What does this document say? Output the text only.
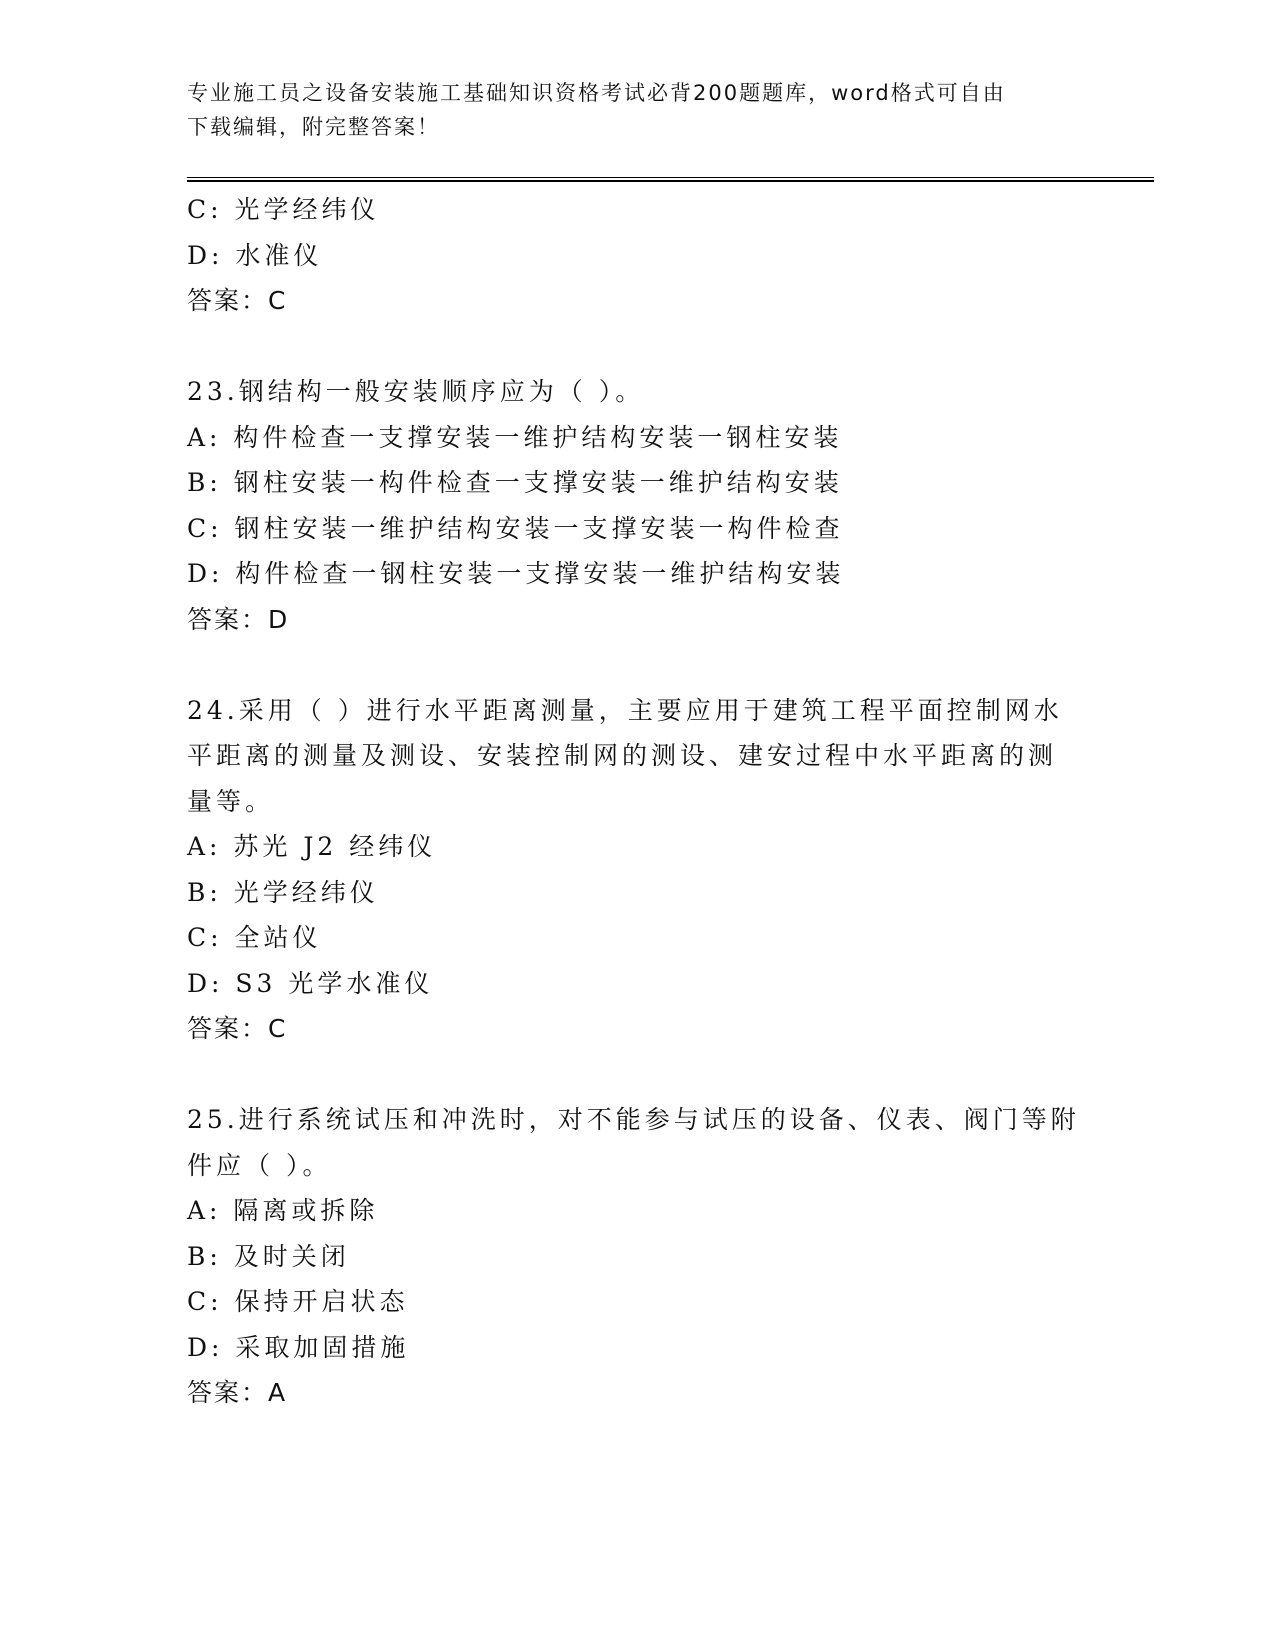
专业施工员之设备安装施工基础知识资格考试必背200题题库，word格式可自由
下载编辑，附完整答案！
C: 光学经纬仪
D: 水准仪
答案：C
23.钢结构一般安装顺序应为（ ）。
A: 构件检查一支撑安装一维护结构安装一钢柱安装
B: 钢柱安装一构件检查一支撑安装一维护结构安装
C: 钢柱安装一维护结构安装一支撑安装一构件检查
D: 构件检查一钢柱安装一支撑安装一维护结构安装
答案：D
24.采用（ ）进行水平距离测量，主要应用于建筑工程平面控制网水
平距离的测量及测设、安装控制网的测设、建安过程中水平距离的测
量等。
A: 苏光 J2 经纬仪
B: 光学经纬仪
C: 全站仪
D: S3 光学水准仪
答案：C
25.进行系统试压和冲洗时，对不能参与试压的设备、仪表、阀门等附
件应（ ）。
A: 隔离或拆除
B: 及时关闭
C: 保持开启状态
D: 采取加固措施
答案：A
